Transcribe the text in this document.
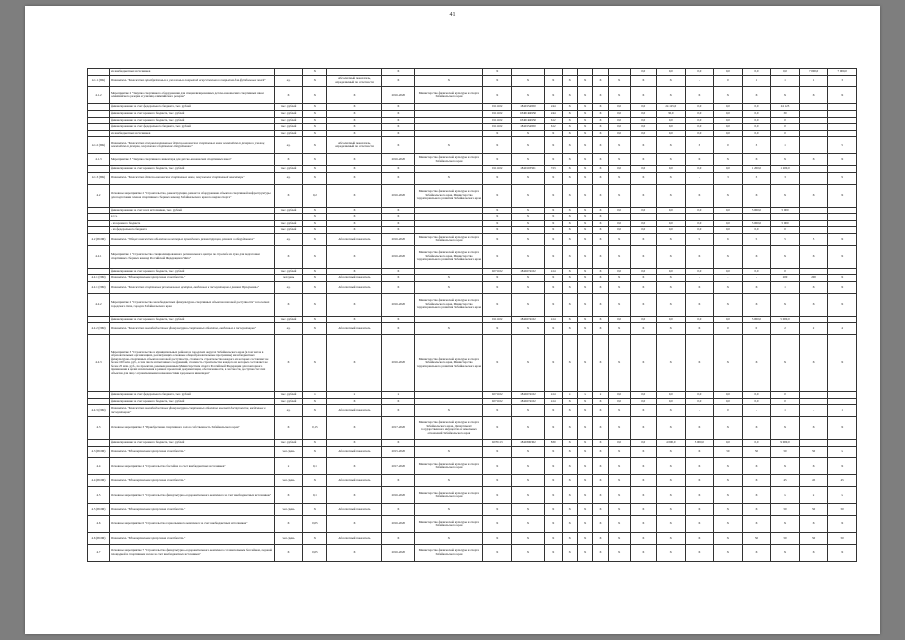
41
	из внебюджетных источников		X		X		X							0,0	0,0	0,0	0,0	0,0	0,0	7 000,0	7 000,0
4.1.1 (ПК)	Показатель "Количество приобретенных и уложенных покрытий искусственного покрытия для футбольных полей"	ед.	X	Абсолютный показатель, определяемый по отчетности	X	X	X	X	X	X	X	X	X	X	X	-	0	1	1	1	3
4.1.2	Мероприятие 2 "Закупка спортивного оборудования для специализированных детско-юношеских спортивных школ олимпийского резерва и училищ олимпийского резерва"	X	X	X	2016-2020	Министерство физической культуры и спорта Забайкальского края	X	X	X	X	X	X	X	X	X	X	X	X	X	X	X
	финансирование за счет федерального бюджета, тыс. рублей	тыс. рублей	X	X	X		0111102	1840154950	244	X	X	X	0,0	0,0	24 125,0	0,0	0,0	0,0	24 125		
	финансирование за счет краевого бюджета, тыс. рублей	тыс. рублей	X	X	X		0111102	18401R4950	244	X	X	X	0,0	0,0	30,0	0,0	0,0	0,0	30		
	финансирование за счет краевого бюджета, тыс. рублей	тыс. рублей	X	X	X		0111102	18401R4950	612	X	X	X	0,0	0,0	0,0	0,0	0,0	0,0	0		
	финансирование за счет федерального бюджета, тыс. рублей	тыс. рублей	X	X	X		0111102	1840154950	612	X	X	X	0,0	0,0	0,0	0,0	0,0	0,0	0		
	из внебюджетных источников	тыс. рублей	X	X	X		X	X	X	X	X	X	0,0	0,0	0,0	0,0	0,0	0,0	0		
4.1.2 (ПК)	Показатель "Количество специализированных детско-юношеских спортивных школ олимпийского резерва и училищ олимпийского резерва, получивших спортивное оборудование"	ед.	X	Абсолютный показатель, определяемый по отчетности	X	X	X	X	X	X	X	X	X	X	X	3	0	3	1		5
4.1.3	Мероприятие 3 "Закупка спортивного инвентаря для детско-юношеских спортивных школ"	X	X	X	2016-2020	Министерство физической культуры и спорта Забайкальского края	X	X	X	X	X	X	X	X	X	X	X	X	X	X	X
	финансирование за счет краевого бюджета, тыс. рублей	тыс. рублей	X	X	X		0111102	1840103501	723	X	X	X	0,0	0,0	0,0	0,0	0,0	1 200,0	1 200,0		
4.1.3 (ПК)	Показатель "Количество детско-юношеских спортивных школ, получивших спортивный инвентарь"	ед.	X	X	X	X	X	X	X	X	X	X	X	X	X	-	3	3	3		9
4.2	Основное мероприятие 2 "Строительство, реконструкция, ремонт и оборудование объектов спортивной инфраструктуры для подготовки членов спортивных сборных команд Забайкальского края по видам спорта"	X	0,2	X	2016-2020	Министерство физической культуры и спорта Забайкальского края, Министерство территориального развития Забайкальского края	X	X	X	X	X	X	X	X	X	X	X	X	X	X	X
	финансирование за счет всех источников, тыс. рублей	тыс. рублей	X	X	X		X	X	X	X	X	X	0,0	0,0	0,0	0,0	0,0	5 000,0	5 000		
	в т.ч.		X	X	X		X	X	X	X	X	X									
	- из краевого бюджета	тыс. рублей	X	X	X		X	X	X	X	X	X	0,0	0,0	0,0	0,0	0,0	5 000,0	5 000		
	- из федерального бюджета	тыс. рублей	X	X	X		X	X	X	X	X	X	0,0	0,0	0,0	0,0	0,0	0,0	0		
4.2 (ПОМ)	Показатель "Общее количество объектов на которых проводились реконструкция, ремонт и оборудование"	ед.	X	Абсолютный показатель	2016-2020	Министерство физической культуры и спорта Забайкальского края	X	X	X	X	X	X	X	X	X	5	6	5	5	5	X
4.2.1	Мероприятие 1 "Строительство специализированного регионального центра по стрельбе из лука для подготовки спортивных сборных команд Российской Федерации в Чите"	X	X	X	2016-2020	Министерство физической культуры и спорта Забайкальского края, Министерство территориального развития Забайкальского края	X	X	X	X	X	X	X	X	X	X	X	X	X	X	X
	финансирование за счет краевого бюджета, тыс. рублей	тыс. рублей	X	X	X		0271102	1840274102	414	X	X	X	0,0	0,0	0,0	0,0	0,0	0,0	0		
4.2.1 (ПМ)	Показатель "Единовременная пропускная способность"	чел/день	X	Абсолютный показатель	X	X	X	X	X	X	X	X	X	X	X	-	-	-	200	200	X
4.2.1 (ПМ)	Показатель "Количество спортивных региональных центров, введенных в эксплуатацию в рамках Программы"	ед.	X	Абсолютный показатель	X	X	X	X	X	X	X	X	X	X	X	X	X	X	1	X	X
4.2.2	Мероприятие 2 "Строительство малобюджетных физкультурно-спортивных объектов шаговой доступности" в поселках городского типа, городах Забайкальского края	X	X	X	2016-2020	Министерство физической культуры и спорта Забайкальского края, Министерство территориального развития Забайкальского края	X	X	X	X	X	X	X	X	X	X	X	X	X	X	X
	финансирование за счет краевого бюджета, тыс. рублей	тыс. рублей	X	X	X		0111102	1840274102	414	X	X	X	0,0	0,0	0,0	0,0	0,0	5 000,0	5 000,0		
4.2.2 (ПМ)	Показатель "Количество малобюджетных физкультурно-спортивных объектов, введенных в эксплуатацию"	ед.	X	Абсолютный показатель	X	X	X	X	X	X	X	X	X	X	X	X	0	0	2	2	4
4.2.3	Мероприятие 3 "Строительство в муниципальных районах и городских округах Забайкальского края (в том числе в образовательных организациях, реализующих основные общеобразовательные программы) малобюджетных физкультурно-спортивных объектов шаговой доступности, стоимость строительства каждого из которых составляет не более 100 млн. руб., в том числе испытанных сооружений, стоимость строительства каждого из которых составляет не более 25 млн. руб., по проектам, рекомендованным Министерством спорта Российской Федерации для повторного применения в целях исключения в рамках проектной документации, обеспеченности, в частности, доступности этих объектов для лиц с ограниченными возможностями здоровья и инвалидов"	X	X	X	2016-2020	Министерство физической культуры и спорта Забайкальского края, Министерство территориального развития Забайкальского края	X	X	X	X	X	X	X	X	X	X	X	X	X	X	X
	финансирование за счет федерального бюджета, тыс. рублей	тыс. рублей	x	x	x		0271102	1840274102	414	x	x	x	0,0	0,0	0,0	0,0	0,0	0,0	0		
	финансирование за счет краевого бюджета, тыс. рублей	тыс. рублей	X	X	X		0271102	1840274102	414	X	X	X	0,0	0,0	0,0	0,0	0,0	0,0	0		
4.2.3 (ПМ)	Показатель "Количество малобюджетных физкультурно-спортивных объектов шаговой доступности, введенных в эксплуатацию"	ед.	X	Абсолютный показатель	X	X	X	X	X	X	X	X	X	X	X	-	0	-	1	-	1
4.3	Основное мероприятие 3 "Приобретение спортивного зала в собственность Забайкальского края"	X	0,15	X	2017-2020	Министерство физической культуры и спорта Забайкальского края, Департамент государственного имущества и земельных отношений Забайкальского края	X	X	X	X	X	X	X	X	X	X	X	X	X	X	X
	финансирование за счет краевого бюджета, тыс. рублей	тыс. рублей	X	X	X		0270113	1840306302	830	X	X	X	0,0	0,0	4 000,0	5 000,0	0,0	0,0	9 000,0		
4.3 (ПОМ)	Показатель "Единовременная пропускная способность"	чел./день	X	Абсолютный показатель	2015-2020	X	X	X	X	X	X	X	X	X	X	X	50	50	50	50	x
4.4	Основное мероприятие 4 "Строительство бассейна за счет внебюджетных источников"	x	0,1	X	2017-2020	Министерство физической культуры и спорта Забайкальского края	X	X	X	X	X	X	X	X	X	X	X	X	X	X	X
4.4 (ПОМ)	Показатель "Единовременная пропускная способность"	чел./день	X	Абсолютный показатель	X	X	X	X	X	X	X	X	X	X	X	X	X	X	45	45	45
4.5	Основное мероприятие 5 "Строительство физкультурно-оздоровительного комплекса за счет внебюджетных источников"	X	0,1	X	2016-2020	Министерство физической культуры и спорта Забайкальского края	X	X	X	X	X	X	X	X	X	X	X	X	x	x	x
4.5 (ПОМ)	Показатель "Единовременная пропускная способность"	чел./день	X	Абсолютный показатель	X	X	X	X	X	X	X	X	X	X	X	X	X	X	50	50	50
4.6	Основное мероприятие 6 "Строительство горнолыжного комплекса за счет внебюджетных источников"	X	0,05	X	2016-2020	Министерство физической культуры и спорта Забайкальского края	X	X	X	X	X	X	X	X	X	X	X	X	X	X	X
4.6 (ПОМ)	Показатель "Единовременная пропускная способность"	чел./день	X	Абсолютный показатель	X	X	X	X	X	X	X	X	X	X	X	X	X	50	50	50	50
4.7	Основное мероприятие 7 "Строительство физкультурно-оздоровительного комплекса с плавательным бассейном, ледовой площадкой и спортивным залом за счет внебюджетных источников"	X	0,05	X	2016-2020	Министерство физической культуры и спорта Забайкальского края	X	X	X	X	X	X	X	X	X	X	X	X	X	X	X
